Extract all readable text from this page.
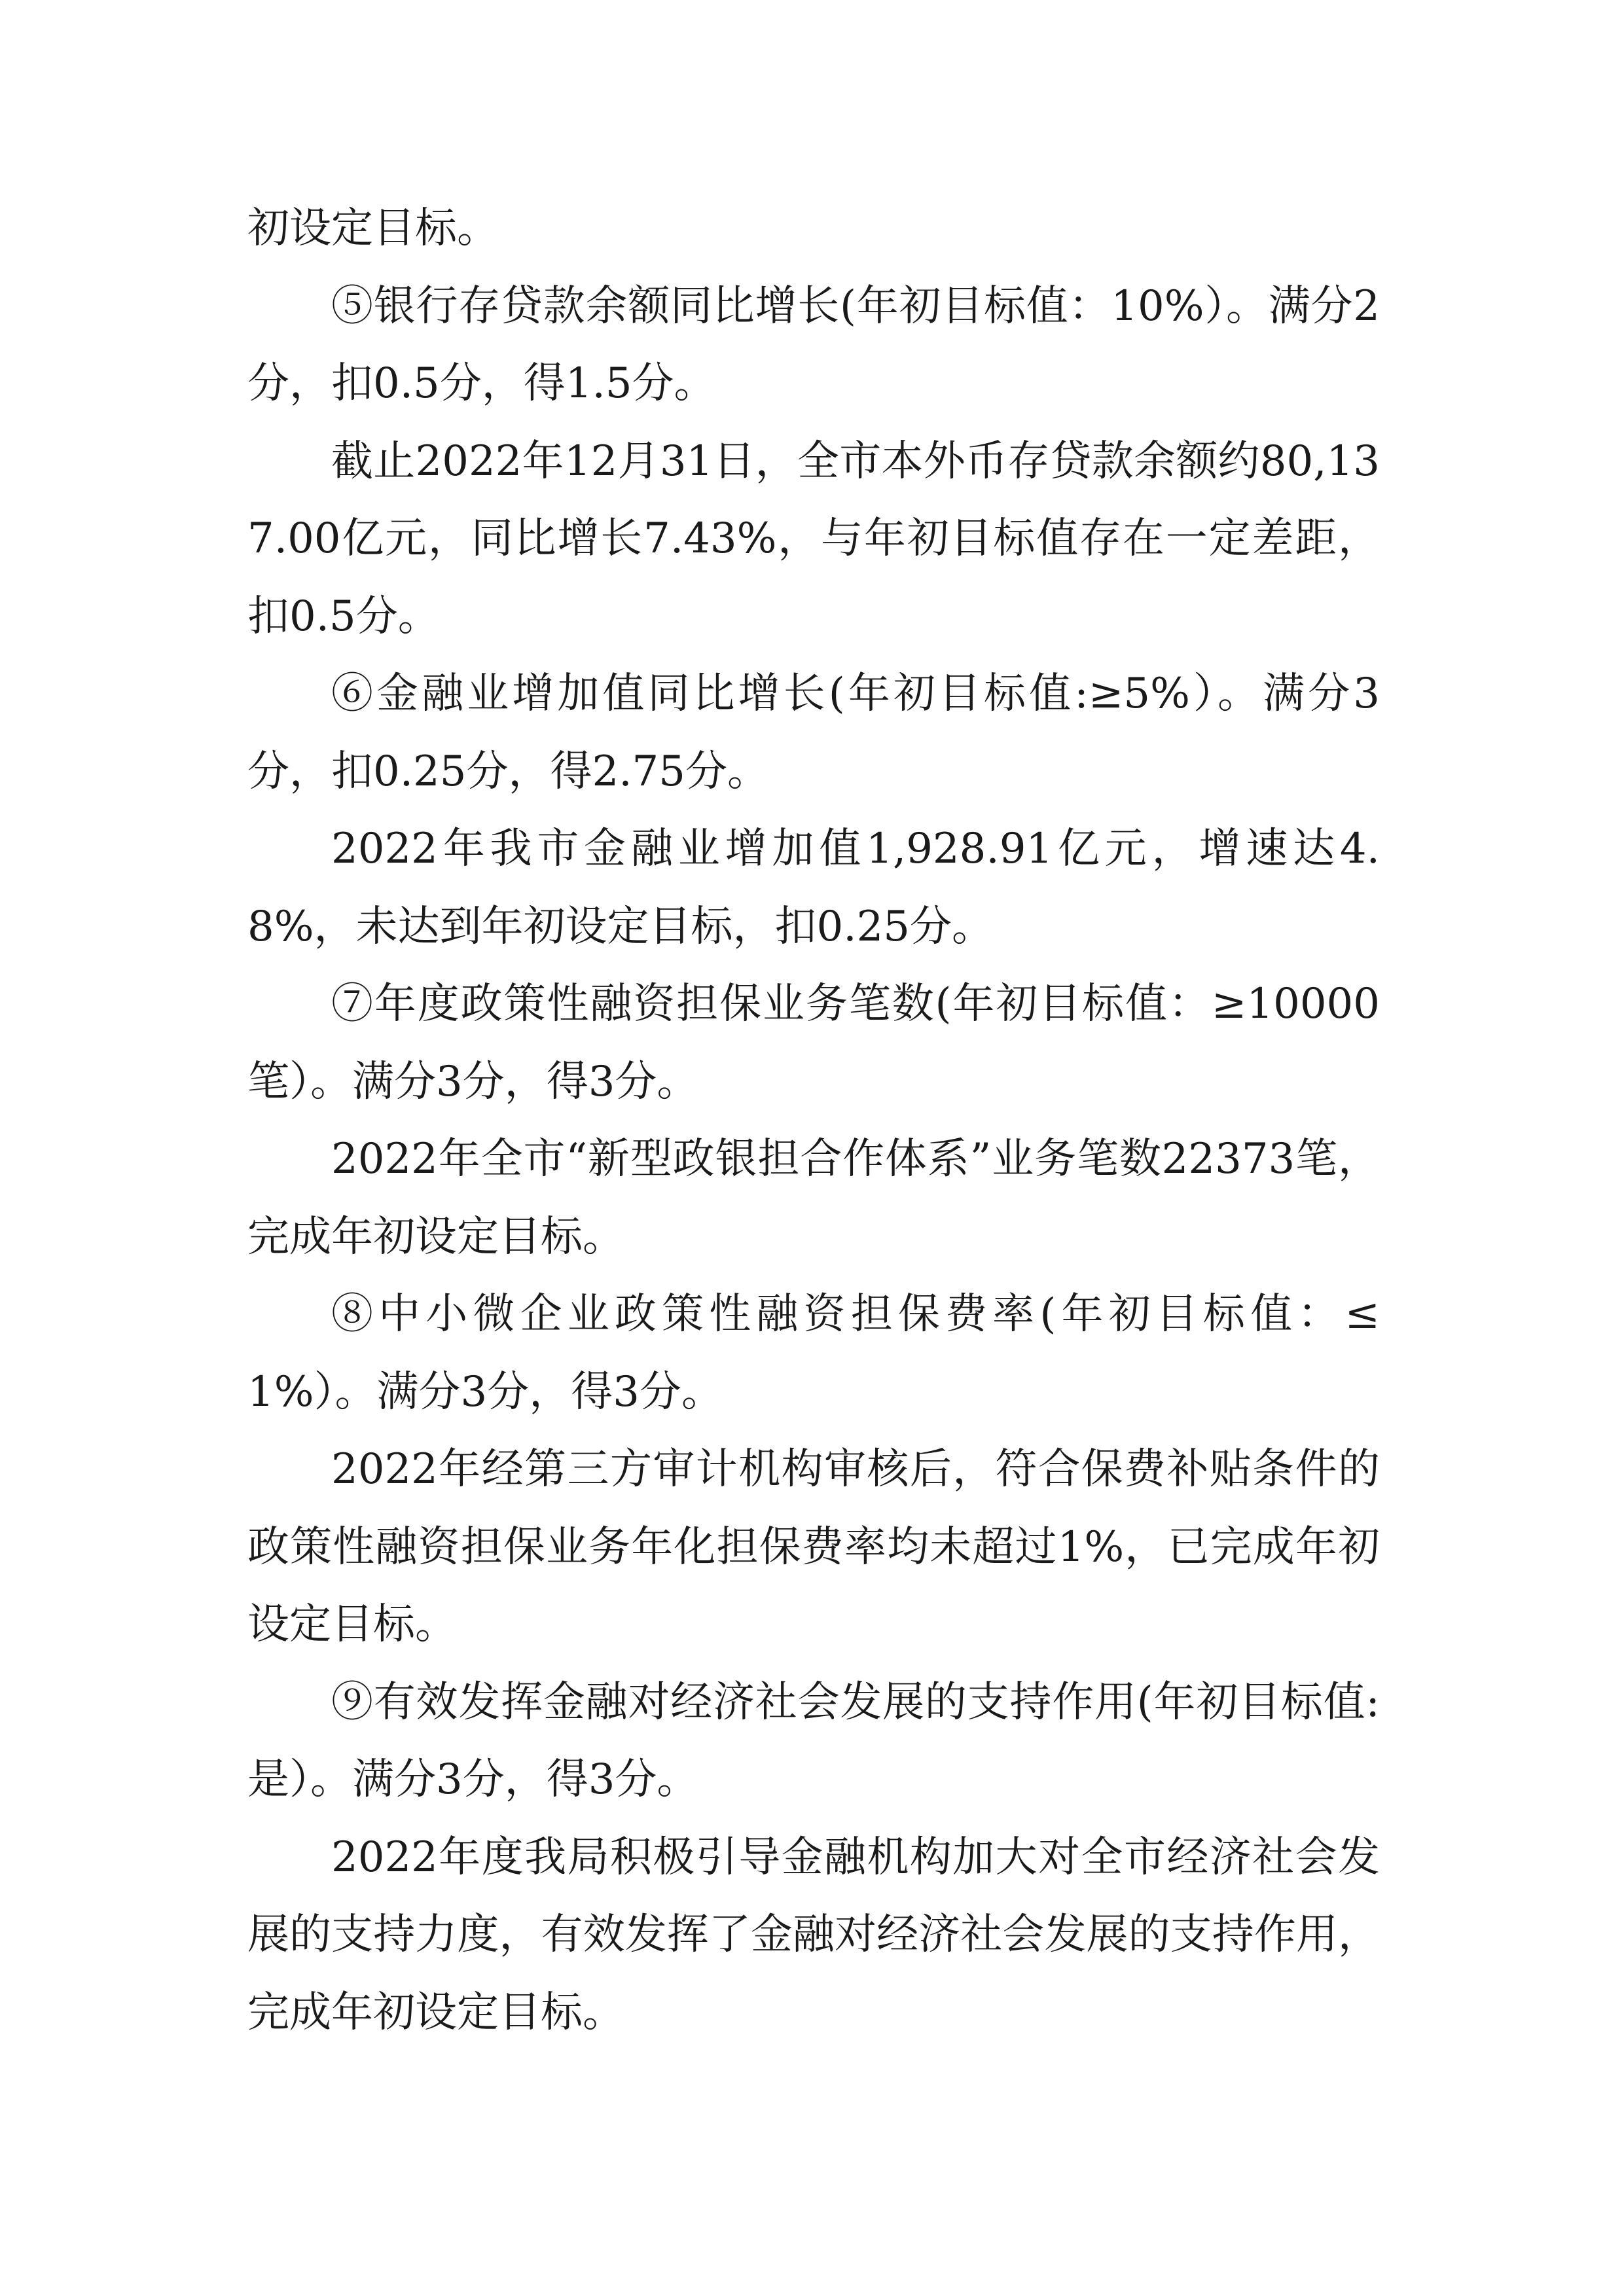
初设定目标。

⑤银行存贷款余额同比增长(年初目标值：10%）。满分2分，扣0.5分，得1.5分。

截止2022年12月31日，全市本外币存贷款余额约80,137.00亿元，同比增长7.43%，与年初目标值存在一定差距，扣0.5分。

⑥金融业增加值同比增长(年初目标值:≥5%）。满分3分，扣0.25分，得2.75分。

2022年我市金融业增加值1,928.91亿元，增速达4.8%，未达到年初设定目标，扣0.25分。

⑦年度政策性融资担保业务笔数(年初目标值：≥10000笔）。满分3分，得3分。

2022年全市“新型政银担合作体系”业务笔数22373笔，完成年初设定目标。

⑧中小微企业政策性融资担保费率(年初目标值：≤1%）。满分3分，得3分。

2022年经第三方审计机构审核后，符合保费补贴条件的政策性融资担保业务年化担保费率均未超过1%，已完成年初设定目标。

⑨有效发挥金融对经济社会发展的支持作用(年初目标值:是）。满分3分，得3分。

2022年度我局积极引导金融机构加大对全市经济社会发展的支持力度，有效发挥了金融对经济社会发展的支持作用，完成年初设定目标。
